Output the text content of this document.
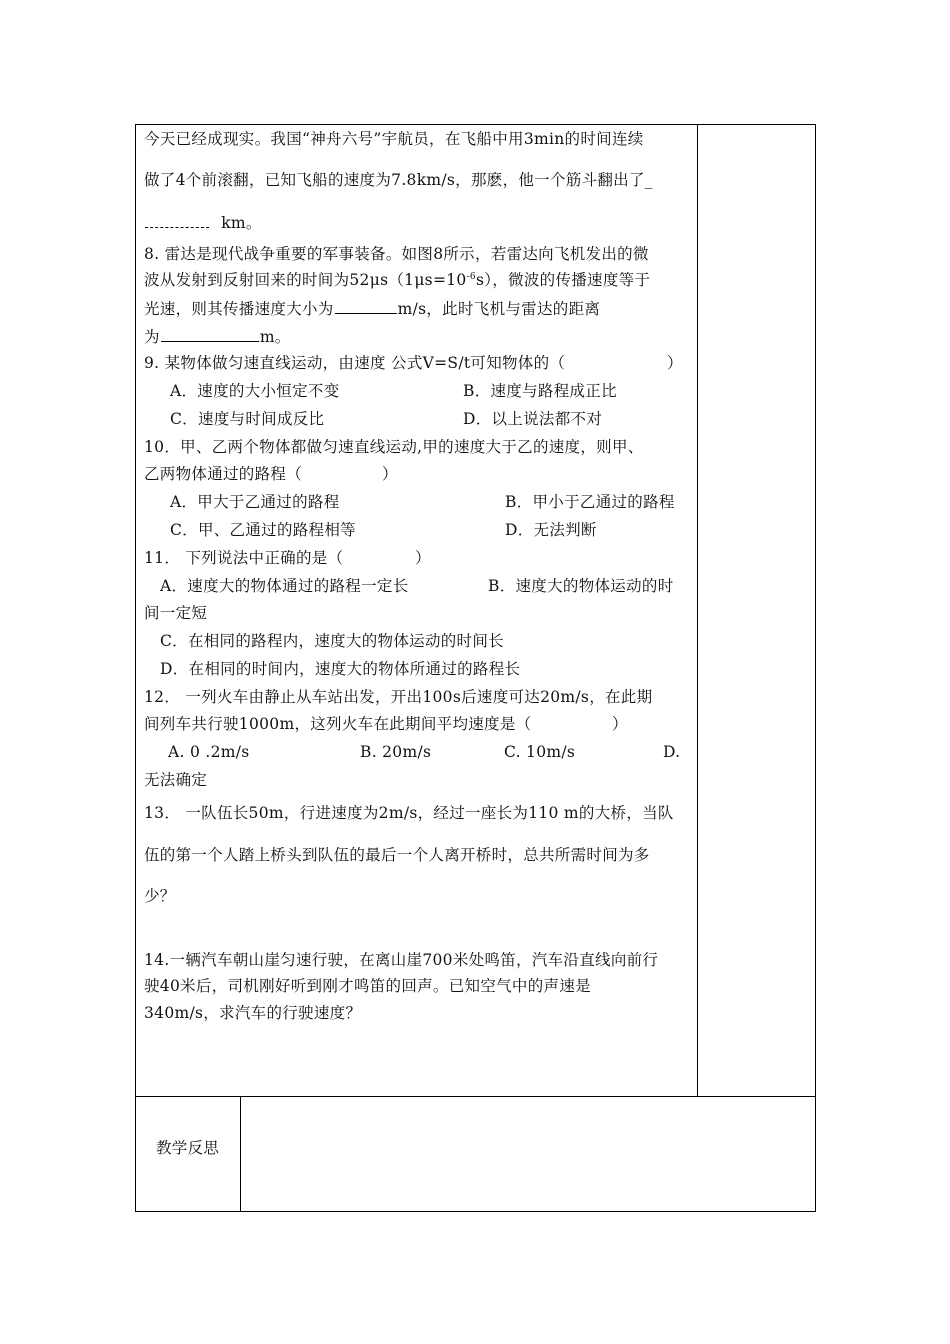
今天已经成现实。我国“神舟六号”宇航员，在飞船中用3min的时间连续
做了4个前滚翻，已知飞船的速度为7.8km/s，那麽，他一个筋斗翻出了_
km。
8. 雷达是现代战争重要的军事装备。如图8所示，若雷达向飞机发出的微
波从发射到反射回来的时间为$52\mu s(1\mu s=10^{-6}s)$，微波的传播速度等于
光速，则其传播速度大小为	m/s，此时飞机与雷达的距离
为	m。
9. 某物体做匀速直线运动，由速度 公式V=S/t可知物体的（	）
A．速度的大小恒定不变	B．速度与路程成正比
C．速度与时间成反比	D．以上说法都不对
10．甲、乙两个物体都做匀速直线运动,甲的速度大于乙的速度，则甲、
乙两物体通过的路程（	）
A．甲大于乙通过的路程	B．甲小于乙通过的路程
C．甲、乙通过的路程相等	D．无法判断
11． 下列说法中正确的是（	）
A．速度大的物体通过的路程一定长	B．速度大的物体运动的时
间一定短
C．在相同的路程内，速度大的物体运动的时间长
D．在相同的时间内，速度大的物体所通过的路程长
12． 一列火车由静止从车站出发，开出100s后速度可达20m/s，在此期
间列车共行驶1000m，这列火车在此期间平均速度是（	）
A. 0 .2m/s	B. 20m/s	C. 10m/s	D.
无法确定
13． 一队伍长50m，行进速度为2m/s，经过一座长为110 m的大桥，当队
伍的第一个人踏上桥头到队伍的最后一个人离开桥时，总共所需时间为多
少？
14.一辆汽车朝山崖匀速行驶，在离山崖700米处鸣笛，汽车沿直线向前行
驶40米后，司机刚好听到刚才鸣笛的回声。已知空气中的声速是
340m/s，求汽车的行驶速度？
教学反思
